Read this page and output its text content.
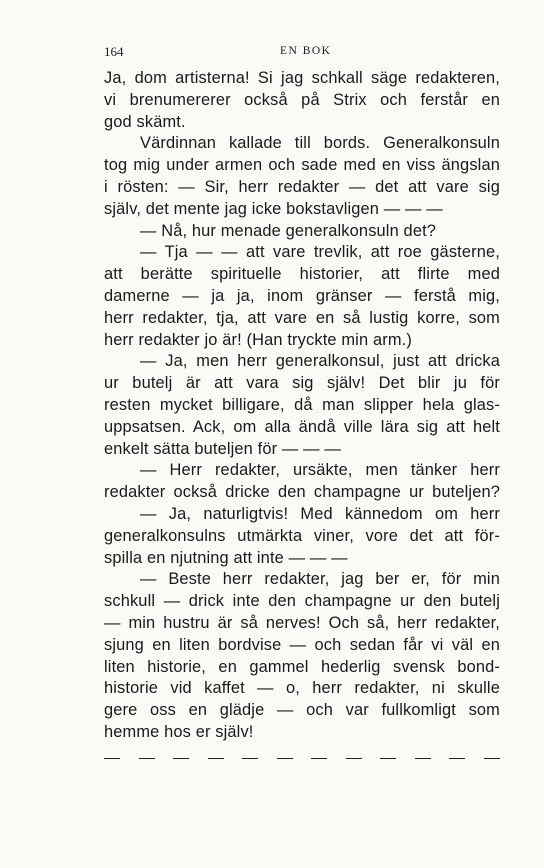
164	EN BOK
Ja, dom artisterna! Si jag schkall säge redakteren,
vi brenumererer också på Strix och ferstår en
god skämt.
Värdinnan kallade till bords. Generalkonsuln
tog mig under armen och sade med en viss ängslan
i rösten: — Sir, herr redakter — det att vare sig
själv, det mente jag icke bokstavligen — — —
— Nå, hur menade generalkonsuln det?
— Tja — — att vare trevlik, att roe gästerne,
att berätte spirituelle historier, att flirte med
damerne — ja ja, inom gränser — ferstå mig,
herr redakter, tja, att vare en så lustig korre, som
herr redakter jo är! (Han tryckte min arm.)
— Ja, men herr generalkonsul, just att dricka
ur butelj är att vara sig själv! Det blir ju för
resten mycket billigare, då man slipper hela glas-
uppsatsen. Ack, om alla ändå ville lära sig att helt
enkelt sätta buteljen för — — —
— Herr redakter, ursäkte, men tänker herr
redakter också dricke den champagne ur buteljen?
— Ja, naturligtvis! Med kännedom om herr
generalkonsulns utmärkta viner, vore det att för-
spilla en njutning att inte — — —
— Beste herr redakter, jag ber er, för min
schkull — drick inte den champagne ur den butelj
— min hustru är så nerves! Och så, herr redakter,
sjung en liten bordvise — och sedan får vi väl en
liten historie, en gammel hederlig svensk bond-
historie vid kaffet — o, herr redakter, ni skulle
gere oss en glädje — och var fullkomligt som
hemme hos er själv!
